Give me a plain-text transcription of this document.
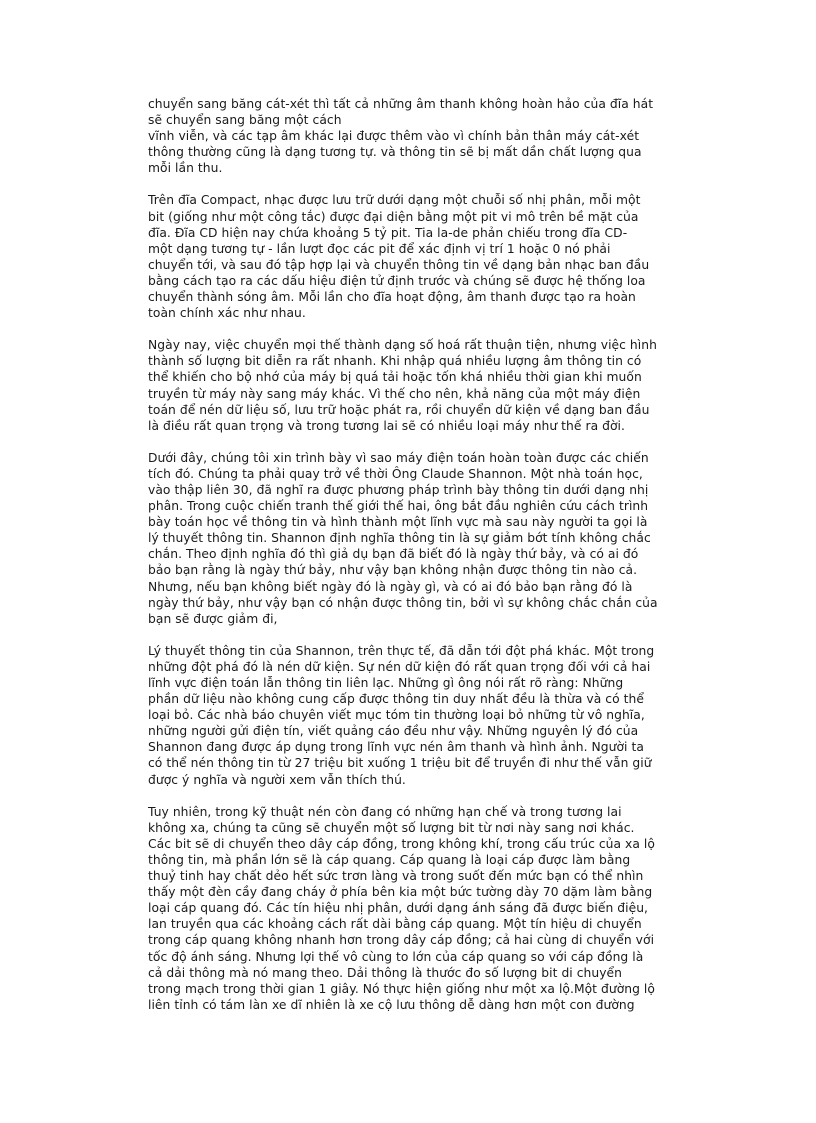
chuyển sang băng cát-xét thì tất cả những âm thanh không hoàn hảo của đĩa hát
sẽ chuyển sang băng một cách
vĩnh viễn, và các tạp âm khác lại được thêm vào vì chính bản thân máy cát-xét
thông thường cũng là dạng tương tự. và thông tin sẽ bị mất dần chất lượng qua
mỗi lần thu.

Trên đĩa Compact, nhạc được lưu trữ dưới dạng một chuỗi số nhị phân, mỗi một
bit (giống như một công tắc) được đại diện bằng một pit vi mô trên bề mặt của
đĩa. Đĩa CD hiện nay chứa khoảng 5 tỷ pit. Tia la-de phản chiếu trong đĩa CD-
một dạng tương tự - lần lượt đọc các pit để xác định vị trí 1 hoặc 0 nó phải
chuyển tới, và sau đó tập hợp lại và chuyển thông tin về dạng bản nhạc ban đầu
bằng cách tạo ra các dấu hiệu điện tử định trước và chúng sẽ được hệ thống loa
chuyển thành sóng âm. Mỗi lần cho đĩa hoạt động, âm thanh được tạo ra hoàn
toàn chính xác như nhau.

Ngày nay, việc chuyển mọi thế thành dạng số hoá rất thuận tiện, nhưng việc hình
thành số lượng bit diễn ra rất nhanh. Khi nhập quá nhiều lượng âm thông tin có
thể khiến cho bộ nhớ của máy bị quá tải hoặc tốn khá nhiều thời gian khi muốn
truyền từ máy này sang máy khác. Vì thế cho nên, khả năng của một máy điện
toán để nén dữ liệu số, lưu trữ hoặc phát ra, rồi chuyển dữ kiện về dạng ban đầu
là điều rất quan trọng và trong tương lai sẽ có nhiều loại máy như thế ra đời.

Dưới đây, chúng tôi xin trình bày vì sao máy điện toán hoàn toàn được các chiến
tích đó. Chúng ta phải quay trở về thời Ông Claude Shannon. Một nhà toán học,
vào thập liên 30, đã nghĩ ra được phương pháp trình bày thông tin dưới dạng nhị
phân. Trong cuộc chiến tranh thế giới thế hai, ông bắt đầu nghiên cứu cách trình
bày toán học về thông tin và hình thành một lĩnh vực mà sau này người ta gọi là
lý thuyết thông tin. Shannon định nghĩa thông tin là sự giảm bớt tính không chắc
chắn. Theo định nghĩa đó thì giả dụ bạn đã biết đó là ngày thứ bảy, và có ai đó
bảo bạn rằng là ngày thứ bảy, như vậy bạn không nhận được thông tin nào cả.
Nhưng, nếu bạn không biết ngày đó là ngày gì, và có ai đó bảo bạn rằng đó là
ngày thứ bảy, như vậy bạn có nhận được thông tin, bởi vì sự không chắc chắn của
bạn sẽ được giảm đi,

Lý thuyết thông tin của Shannon, trên thực tế, đã dẫn tới đột phá khác. Một trong
những đột phá đó là nén dữ kiện. Sự nén dữ kiện đó rất quan trọng đối với cả hai
lĩnh vực điện toán lẫn thông tin liên lạc. Những gì ông nói rất rõ ràng: Những
phần dữ liệu nào không cung cấp được thông tin duy nhất đều là thừa và có thể
loại bỏ. Các nhà báo chuyên viết mục tóm tin thường loại bỏ những từ vô nghĩa,
những người gửi điện tín, viết quảng cáo đều như vậy. Những nguyên lý đó của
Shannon đang được áp dụng trong lĩnh vực nén âm thanh và hình ảnh. Người ta
có thể nén thông tin từ 27 triệu bit xuống 1 triệu bit để truyền đi như thế vẫn giữ
được ý nghĩa và người xem vẫn thích thú.

Tuy nhiên, trong kỹ thuật nén còn đang có những hạn chế và trong tương lai
không xa, chúng ta cũng sẽ chuyển một số lượng bit từ nơi này sang nơi khác.
Các bit sẽ di chuyển theo dây cáp đồng, trong không khí, trong cấu trúc của xa lộ
thông tin, mà phần lớn sẽ là cáp quang. Cáp quang là loại cáp được làm bằng
thuỷ tinh hay chất dẻo hết sức trơn làng và trong suốt đến mức bạn có thể nhìn
thấy một đèn cầy đang cháy ở phía bên kia một bức tường dày 70 dặm làm bằng
loại cáp quang đó. Các tín hiệu nhị phân, dưới dạng ánh sáng đã được biến điệu,
lan truyền qua các khoảng cách rất dài bằng cáp quang. Một tín hiệu di chuyển
trong cáp quang không nhanh hơn trong dây cáp đồng; cả hai cùng di chuyển với
tốc độ ánh sáng. Nhưng lợi thế vô cùng to lớn của cáp quang so với cáp đồng là
cả dải thông mà nó mang theo. Dải thông là thước đo số lượng bit di chuyển
trong mạch trong thời gian 1 giây. Nó thực hiện giống như một xa lộ.Một đường lộ
liên tỉnh có tám làn xe dĩ nhiên là xe cộ lưu thông dễ dàng hơn một con đường
